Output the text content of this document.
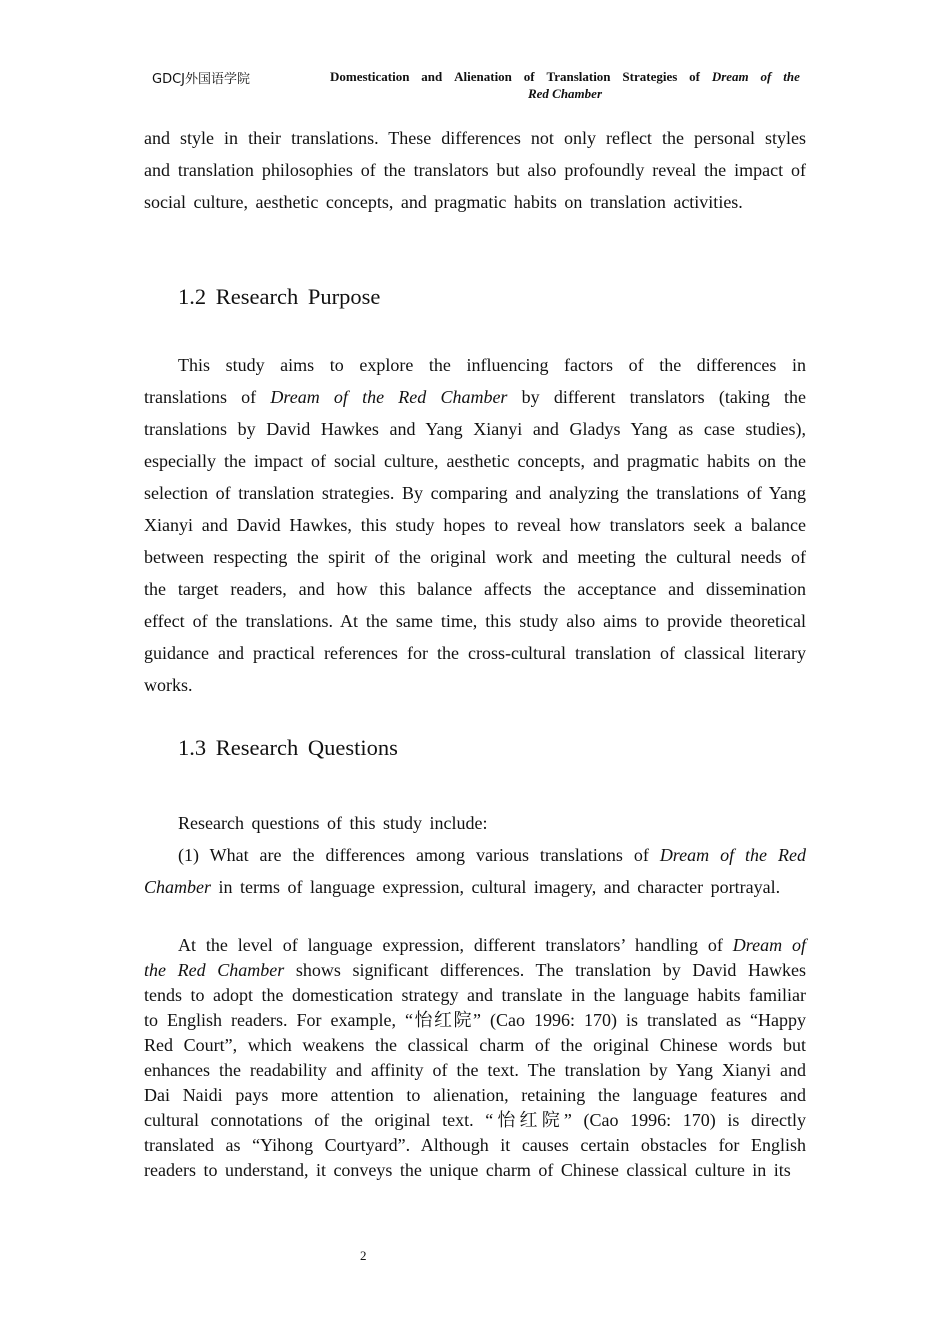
GDCJ外国语学院	Domestication and Alienation of Translation Strategies of Dream of the
Red Chamber

and style in their translations. These differences not only reflect the personal styles and translation philosophies of the translators but also profoundly reveal the impact of social culture, aesthetic concepts, and pragmatic habits on translation activities.

1.2 Research Purpose

This study aims to explore the influencing factors of the differences in translations of Dream of the Red Chamber by different translators (taking the translations by David Hawkes and Yang Xianyi and Gladys Yang as case studies), especially the impact of social culture, aesthetic concepts, and pragmatic habits on the selection of translation strategies. By comparing and analyzing the translations of Yang Xianyi and David Hawkes, this study hopes to reveal how translators seek a balance between respecting the spirit of the original work and meeting the cultural needs of the target readers, and how this balance affects the acceptance and dissemination effect of the translations. At the same time, this study also aims to provide theoretical guidance and practical references for the cross-cultural translation of classical literary works.

1.3 Research Questions

Research questions of this study include:

(1) What are the differences among various translations of Dream of the Red Chamber in terms of language expression, cultural imagery, and character portrayal.

At the level of language expression, different translators’ handling of Dream of the Red Chamber shows significant differences. The translation by David Hawkes tends to adopt the domestication strategy and translate in the language habits familiar to English readers. For example, “怡红院” (Cao 1996: 170) is translated as “Happy Red Court”, which weakens the classical charm of the original Chinese words but enhances the readability and affinity of the text. The translation by Yang Xianyi and Dai Naidi pays more attention to alienation, retaining the language features and cultural connotations of the original text. “怡红院” (Cao 1996: 170) is directly translated as “Yihong Courtyard”. Although it causes certain obstacles for English readers to understand, it conveys the unique charm of Chinese classical culture in its

2
